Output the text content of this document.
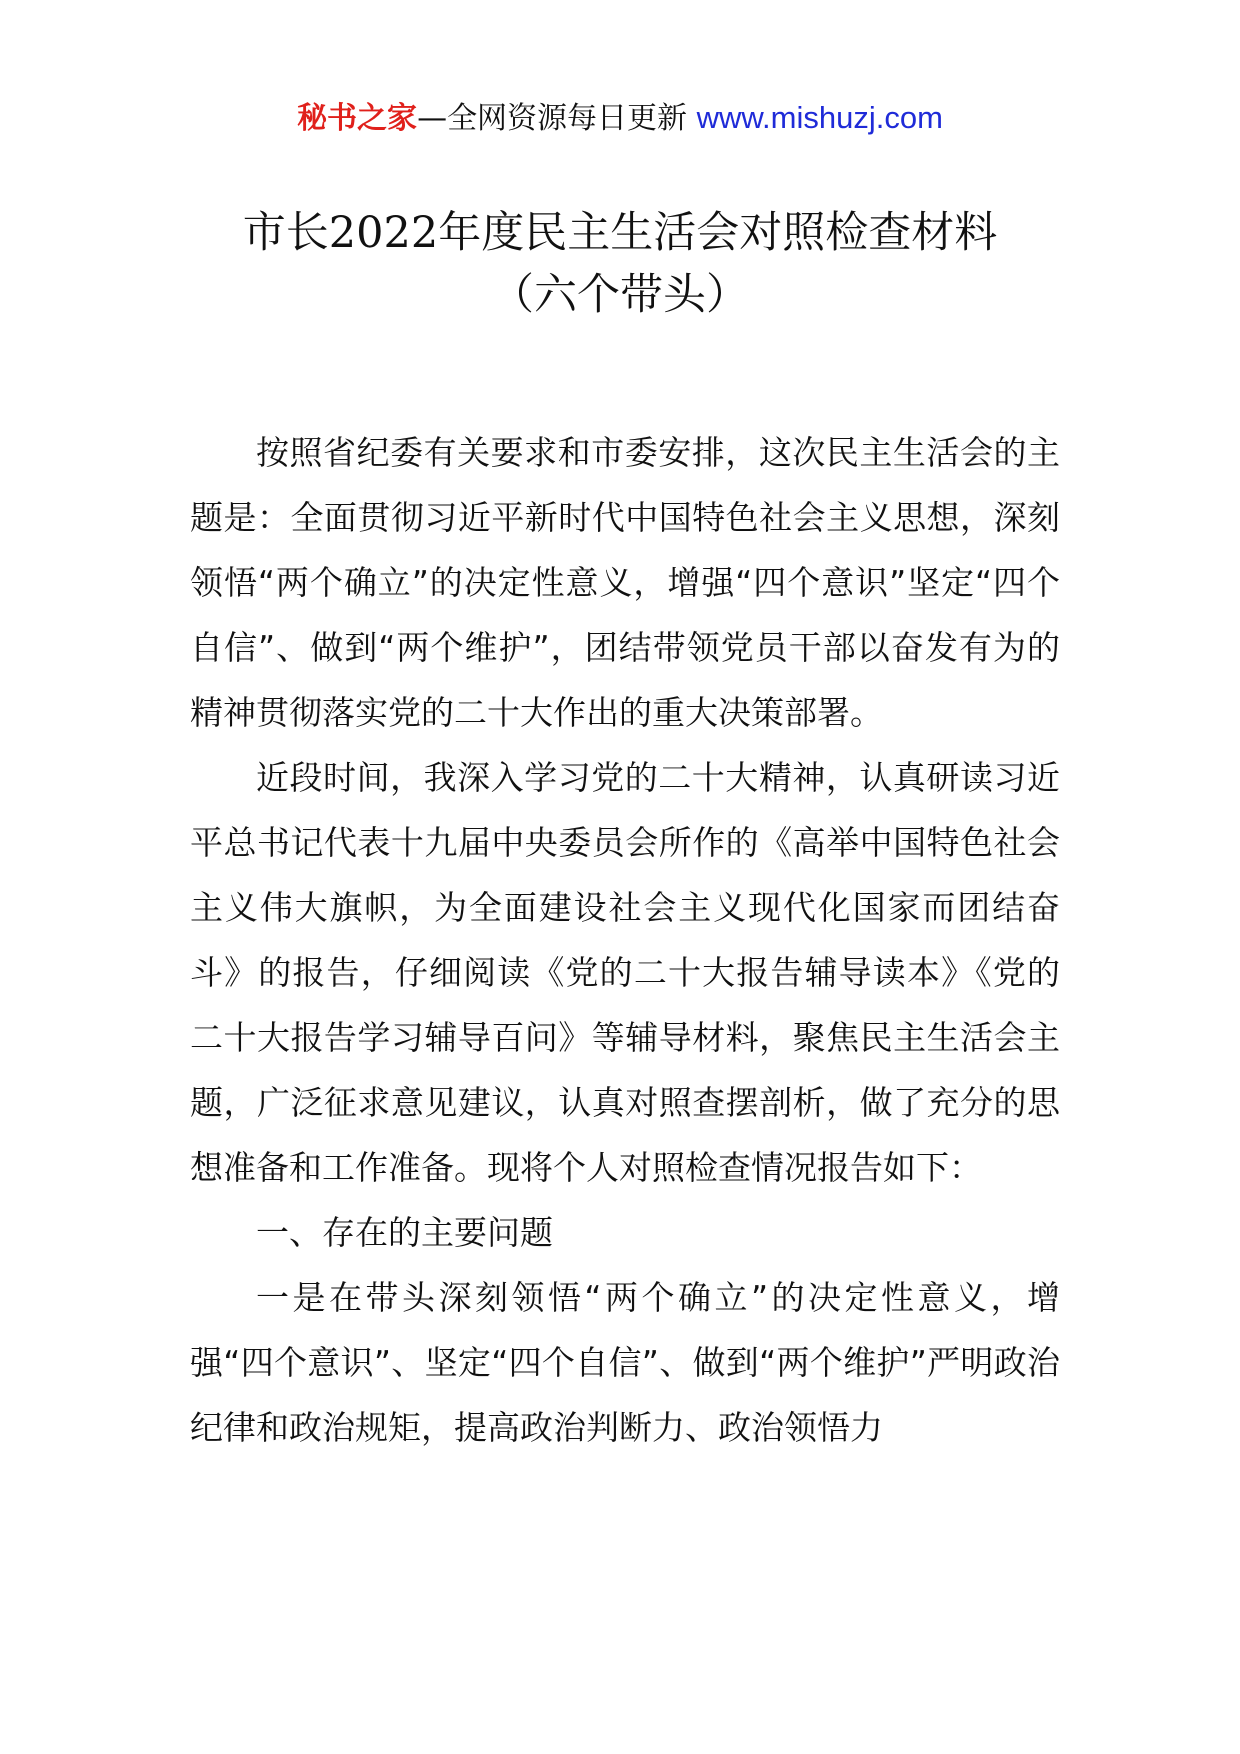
秘书之家—全网资源每日更新 www.mishuzj.com
市长2022年度民主生活会对照检查材料
（六个带头）

按照省纪委有关要求和市委安排，这次民主生活会的主题是：全面贯彻习近平新时代中国特色社会主义思想，深刻领悟“两个确立”的决定性意义，增强“四个意识”坚定“四个自信”、做到“两个维护”，团结带领党员干部以奋发有为的精神贯彻落实党的二十大作出的重大决策部署。

近段时间，我深入学习党的二十大精神，认真研读习近平总书记代表十九届中央委员会所作的《高举中国特色社会主义伟大旗帜，为全面建设社会主义现代化国家而团结奋斗》的报告，仔细阅读《党的二十大报告辅导读本》《党的二十大报告学习辅导百问》等辅导材料，聚焦民主生活会主题，广泛征求意见建议，认真对照查摆剖析，做了充分的思想准备和工作准备。现将个人对照检查情况报告如下：

一、存在的主要问题

一是在带头深刻领悟“两个确立”的决定性意义，增强“四个意识”、坚定“四个自信”、做到“两个维护”严明政治纪律和政治规矩，提高政治判断力、政治领悟力
